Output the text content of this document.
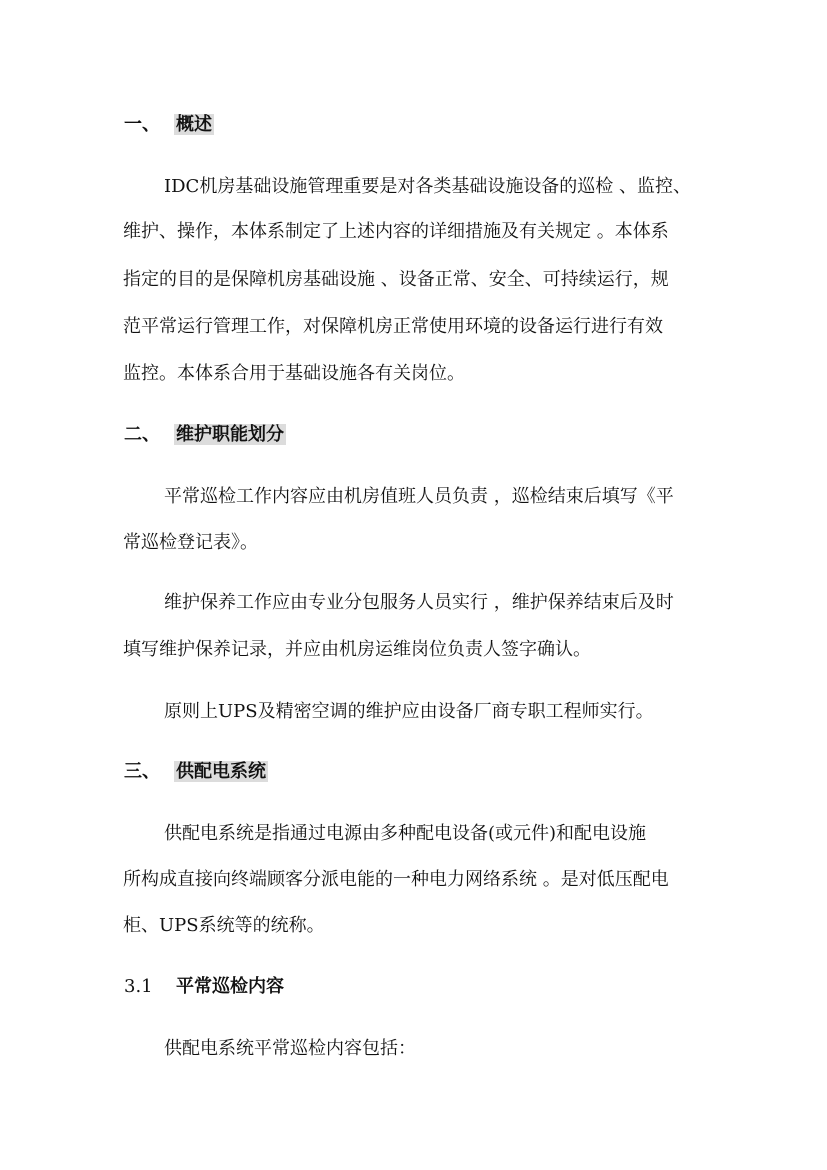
一、 概述
IDC机房基础设施管理重要是对各类基础设施设备的巡检 、监控、
维护、操作，本体系制定了上述内容的详细措施及有关规定 。本体系
指定的目的是保障机房基础设施 、设备正常、安全、可持续运行，规
范平常运行管理工作，对保障机房正常使用环境的设备运行进行有效
监控。本体系合用于基础设施各有关岗位。
二、 维护职能划分
平常巡检工作内容应由机房值班人员负责 ，巡检结束后填写《平
常巡检登记表》。
维护保养工作应由专业分包服务人员实行 ，维护保养结束后及时
填写维护保养记录，并应由机房运维岗位负责人签字确认。
原则上UPS及精密空调的维护应由设备厂商专职工程师实行。
三、 供配电系统
供配电系统是指通过电源由多种配电设备(或元件)和配电设施
所构成直接向终端顾客分派电能的一种电力网络系统 。是对低压配电
柜、UPS系统等的统称。
3.1 平常巡检内容
供配电系统平常巡检内容包括：
